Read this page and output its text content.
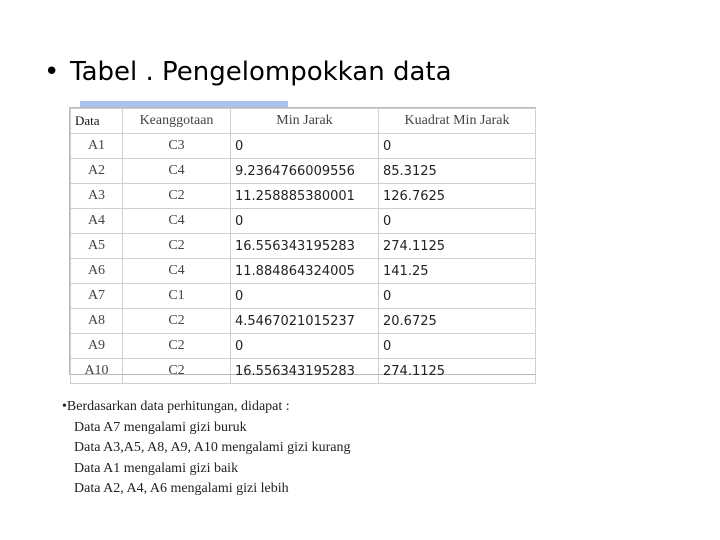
• Tabel . Pengelompokkan data
Data	Keanggotaan	Min Jarak	Kuadrat Min Jarak
A1	C3	0	0
A2	C4	9.2364766009556	85.3125
A3	C2	11.258885380001	126.7625
A4	C4	0	0
A5	C2	16.556343195283	274.1125
A6	C4	11.884864324005	141.25
A7	C1	0	0
A8	C2	4.5467021015237	20.6725
A9	C2	0	0
A10	C2	16.556343195283	274.1125
•Berdasarkan data perhitungan, didapat :
Data A7 mengalami gizi buruk
Data A3,A5, A8, A9, A10 mengalami gizi kurang
Data A1 mengalami gizi baik
Data A2, A4, A6 mengalami gizi lebih
